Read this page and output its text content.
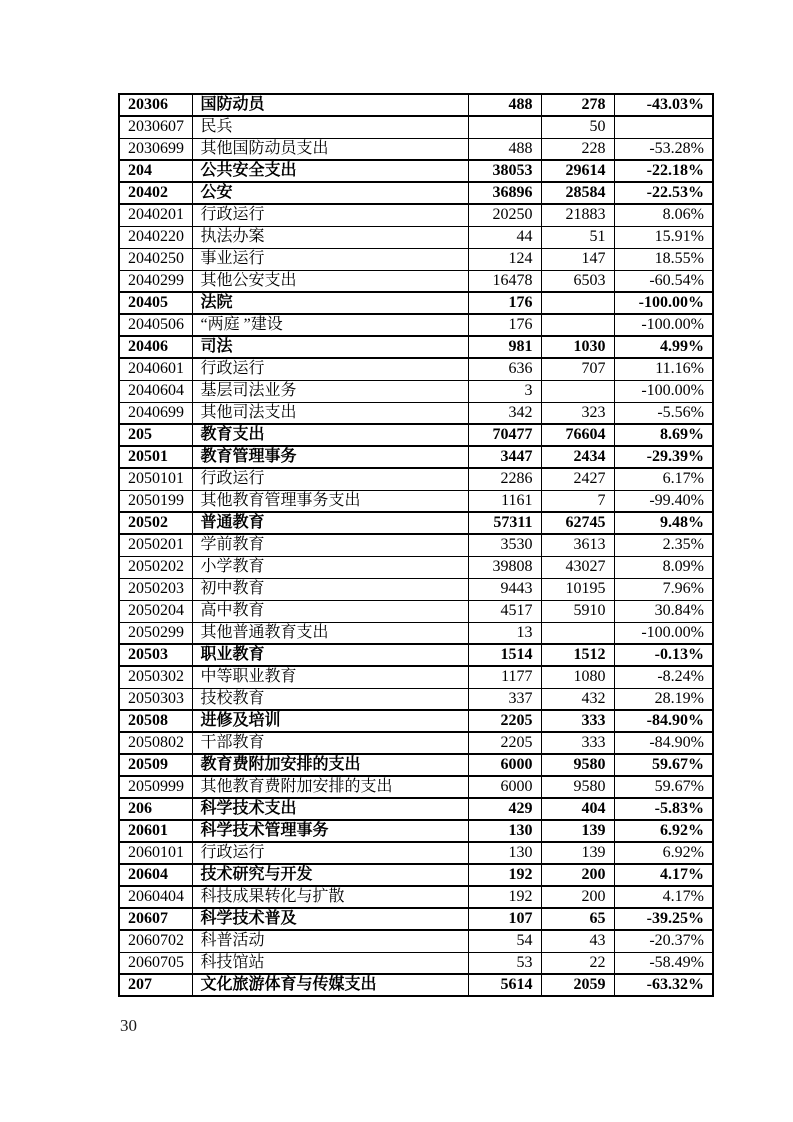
20306	国防动员	488	278	-43.03%
2030607	民兵		50	
2030699	其他国防动员支出	488	228	-53.28%
204	公共安全支出	38053	29614	-22.18%
20402	公安	36896	28584	-22.53%
2040201	行政运行	20250	21883	8.06%
2040220	执法办案	44	51	15.91%
2040250	事业运行	124	147	18.55%
2040299	其他公安支出	16478	6503	-60.54%
20405	法院	176		-100.00%
2040506	“两庭 ”建设	176		-100.00%
20406	司法	981	1030	4.99%
2040601	行政运行	636	707	11.16%
2040604	基层司法业务	3		-100.00%
2040699	其他司法支出	342	323	-5.56%
205	教育支出	70477	76604	8.69%
20501	教育管理事务	3447	2434	-29.39%
2050101	行政运行	2286	2427	6.17%
2050199	其他教育管理事务支出	1161	7	-99.40%
20502	普通教育	57311	62745	9.48%
2050201	学前教育	3530	3613	2.35%
2050202	小学教育	39808	43027	8.09%
2050203	初中教育	9443	10195	7.96%
2050204	高中教育	4517	5910	30.84%
2050299	其他普通教育支出	13		-100.00%
20503	职业教育	1514	1512	-0.13%
2050302	中等职业教育	1177	1080	-8.24%
2050303	技校教育	337	432	28.19%
20508	进修及培训	2205	333	-84.90%
2050802	干部教育	2205	333	-84.90%
20509	教育费附加安排的支出	6000	9580	59.67%
2050999	其他教育费附加安排的支出	6000	9580	59.67%
206	科学技术支出	429	404	-5.83%
20601	科学技术管理事务	130	139	6.92%
2060101	行政运行	130	139	6.92%
20604	技术研究与开发	192	200	4.17%
2060404	科技成果转化与扩散	192	200	4.17%
20607	科学技术普及	107	65	-39.25%
2060702	科普活动	54	43	-20.37%
2060705	科技馆站	53	22	-58.49%
207	文化旅游体育与传媒支出	5614	2059	-63.32%
30
